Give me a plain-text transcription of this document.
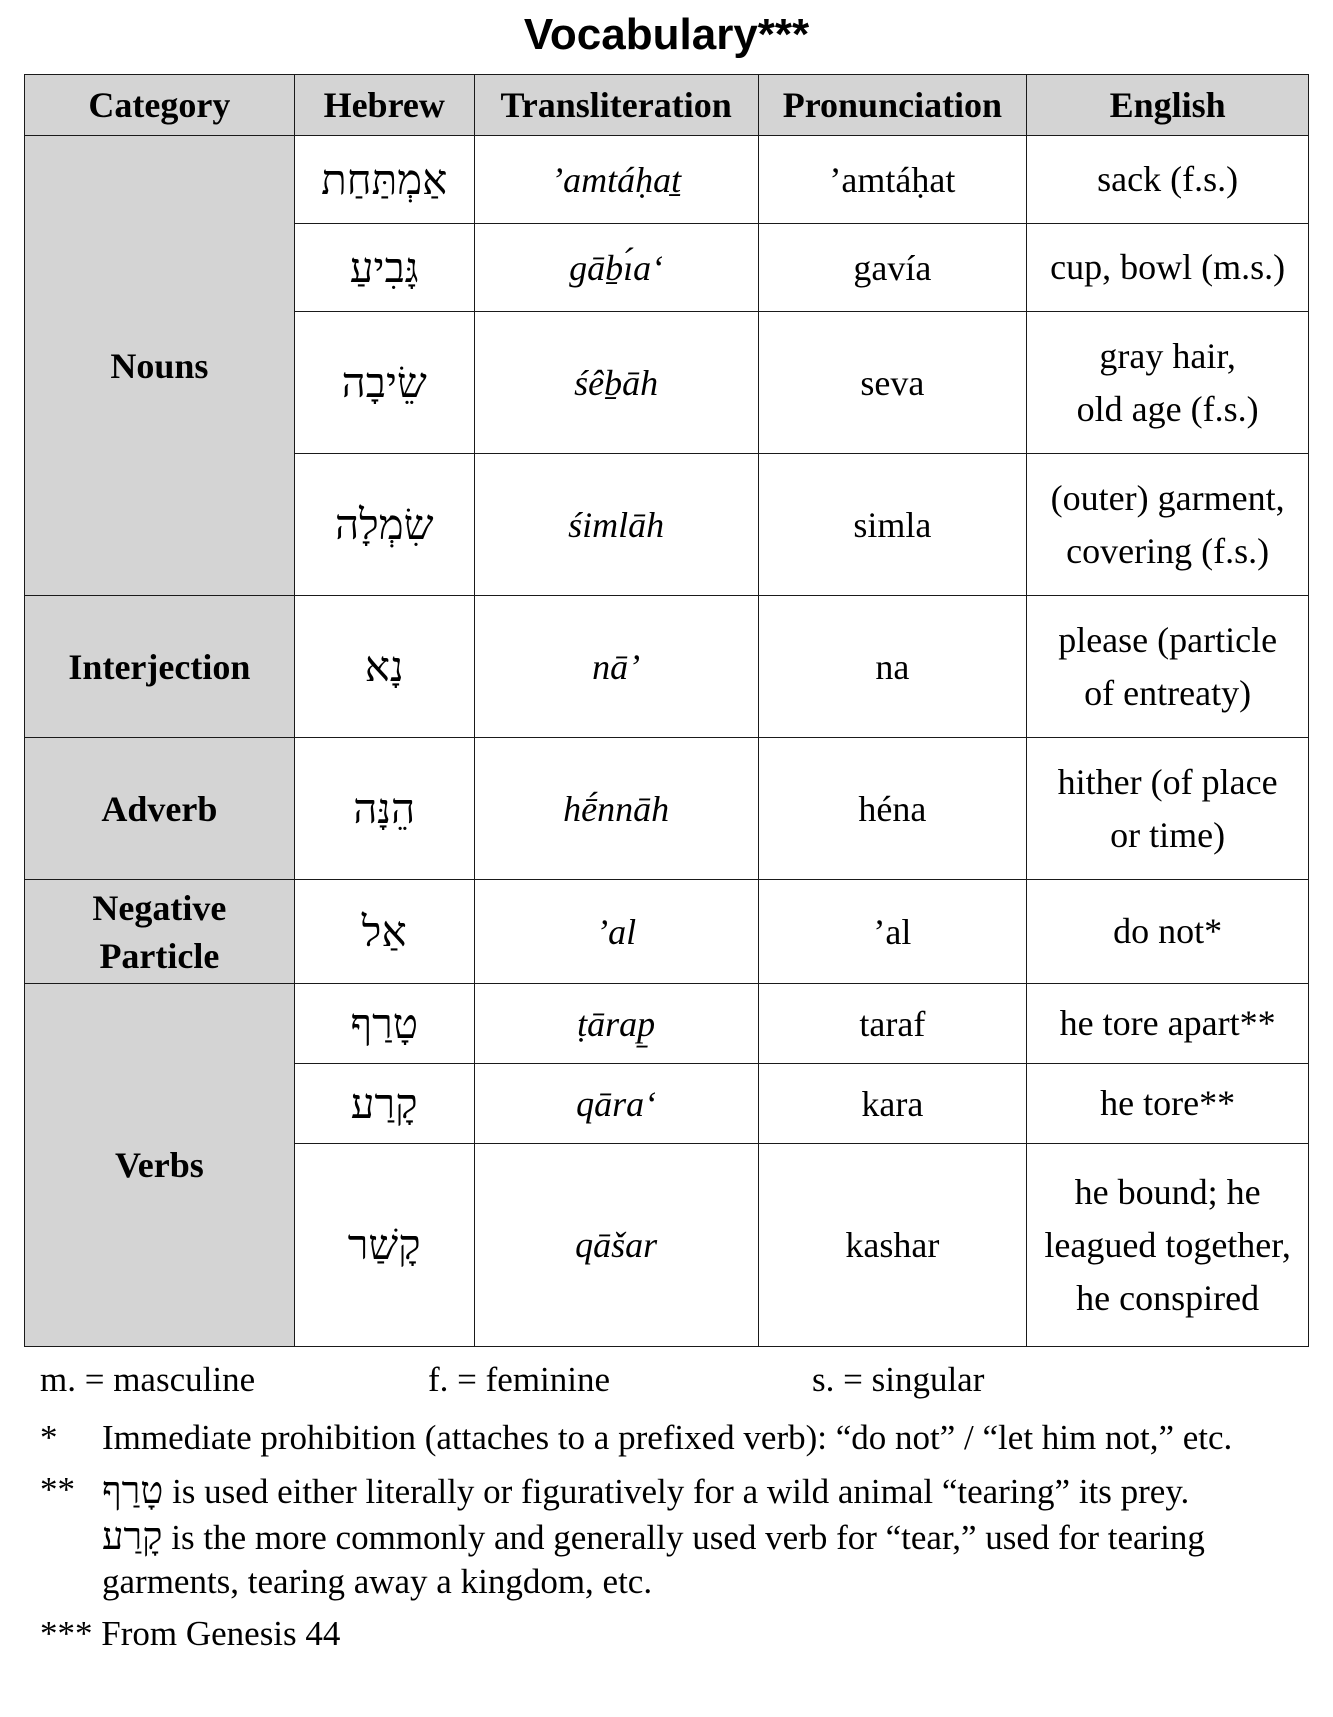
Vocabulary***
Category	Hebrew	Transliteration	Pronunciation	English
Nouns	אַמְתַּחַת	’amtáḥaṯ	’amtáḥat	sack (f.s.)
	גָּבִיעַ	gāḇı́a‘	gavía	cup, bowl (m.s.)
	שֵׂיבָה	śêḇāh	seva	gray hair,
old age (f.s.)

	שִׂמְלָה	śimlāh	simla	(outer) garment,
covering (f.s.)

Interjection	נָא	nā’	na	please (particle
of entreaty)

Adverb	הֵנָּה	hḗnnāh	héna	hither (of place
or time)

Negative
Particle	אַל	’al	’al	do not*
Verbs	טָרַף	ṭārap̱	taraf	he tore apart**
	קָרַע	qāra‘	kara	he tore**
	קָשַׁר	qāšar	kashar	he bound; he
leagued together,
he conspired
m. = masculine	f. = feminine	s. = singular
* Immediate prohibition (attaches to a prefixed verb): “do not” / “let him not,” etc.
** טָרַף is used either literally or figuratively for a wild animal “tearing” its prey.
קָרַע is the more commonly and generally used verb for “tear,” used for tearing garments, tearing away a kingdom, etc.
*** From Genesis 44
